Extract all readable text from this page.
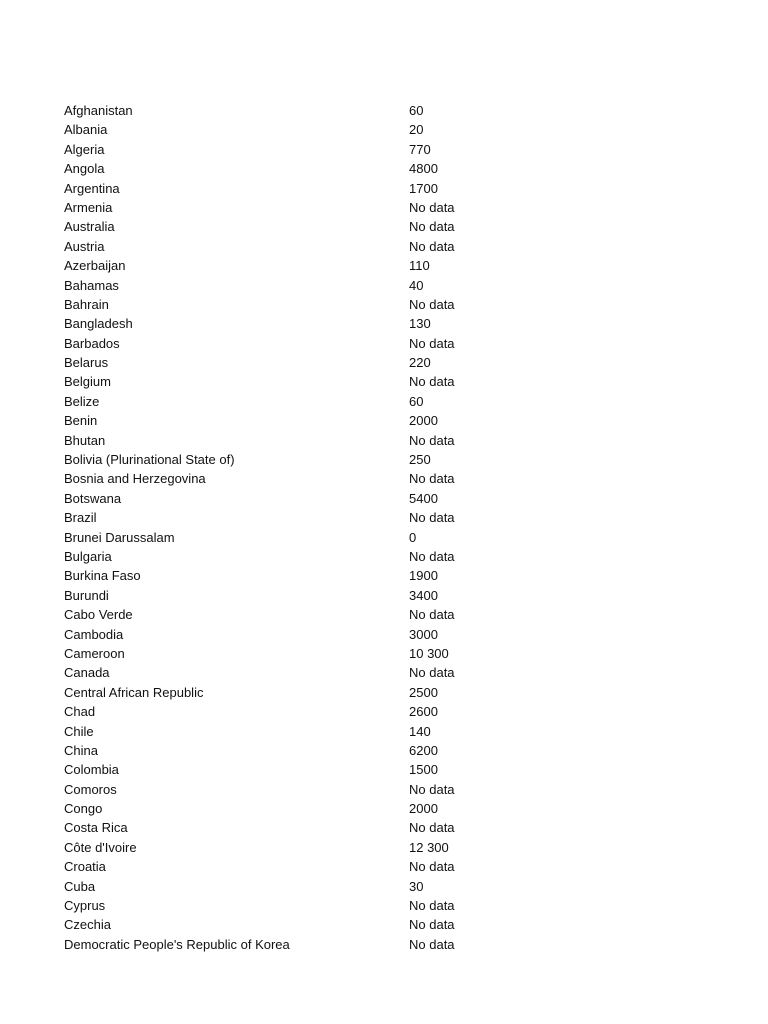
Afghanistan	60
Albania	20
Algeria	770
Angola	4800
Argentina	1700
Armenia	No data
Australia	No data
Austria	No data
Azerbaijan	110
Bahamas	40
Bahrain	No data
Bangladesh	130
Barbados	No data
Belarus	220
Belgium	No data
Belize	60
Benin	2000
Bhutan	No data
Bolivia (Plurinational State of)	250
Bosnia and Herzegovina	No data
Botswana	5400
Brazil	No data
Brunei Darussalam	0
Bulgaria	No data
Burkina Faso	1900
Burundi	3400
Cabo Verde	No data
Cambodia	3000
Cameroon	10 300
Canada	No data
Central African Republic	2500
Chad	2600
Chile	140
China	6200
Colombia	1500
Comoros	No data
Congo	2000
Costa Rica	No data
Côte d'Ivoire	12 300
Croatia	No data
Cuba	30
Cyprus	No data
Czechia	No data
Democratic People's Republic of Korea	No data
